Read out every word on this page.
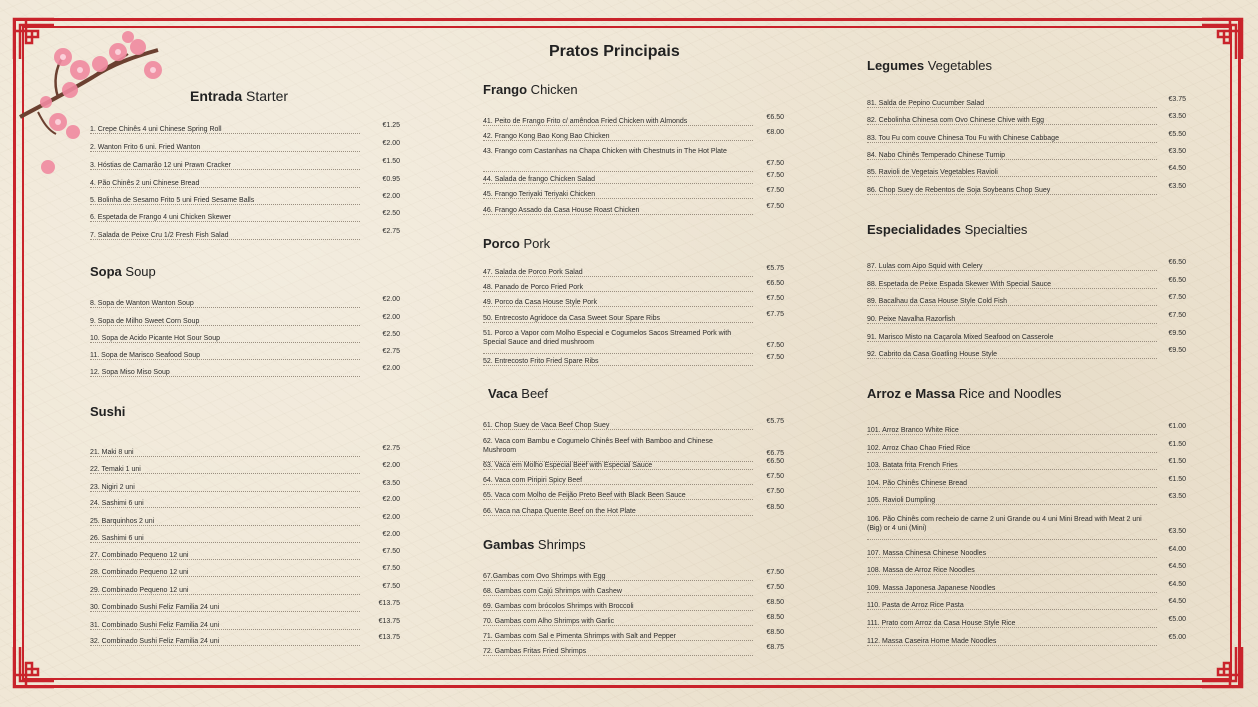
Pratos Principais
Entrada Starter
Sopa Soup
Sushi
Frango Chicken
Porco Pork
Vaca Beef
Gambas Shrimps
Legumes Vegetables
Especialidades Specialties
Arroz e Massa Rice and Noodles
1. Crepe Chinês 4 uni Chinese Spring Roll
€1.25
2. Wanton Frito 6 uni. Fried Wanton
€2.00
3. Hóstias de Camarão 12 uni Prawn Cracker
€1.50
4. Pão Chinês 2 uni Chinese Bread
€0.95
5. Bolinha de Sesamo Frito 5 uni Fried Sesame Balls
€2.00
6. Espetada de Frango 4 uni Chicken Skewer
€2.50
7. Salada de Peixe Cru 1/2 Fresh Fish Salad
€2.75
8. Sopa de Wanton Wanton Soup
€2.00
9. Sopa de Milho Sweet Corn Soup
€2.00
10. Sopa de Acido Picante Hot Sour Soup
€2.50
11. Sopa de Marisco Seafood Soup
€2.75
12. Sopa Miso Miso Soup
€2.00
21. Maki 8 uni
€2.75
22. Temaki 1 uni
€2.00
23. Nigiri 2 uni
€3.50
24. Sashimi 6 uni
€2.00
25. Barquinhos 2 uni
€2.00
26. Sashimi 6 uni
€2.00
27. Combinado Pequeno 12 uni
€7.50
28. Combinado Pequeno 12 uni
€7.50
29. Combinado Pequeno 12 uni
€7.50
30. Combinado Sushi Feliz Familia 24 uni
€13.75
31. Combinado Sushi Feliz Familia 24 uni
€13.75
32. Combinado Sushi Feliz Familia 24 uni
€13.75
41. Peito de Frango Frito c/ amêndoa Fried Chicken with Almonds
€6.50
42. Frango Kong Bao Kong Bao Chicken
€8.00
43. Frango com Castanhas na Chapa Chicken with Chestnuts in The Hot Plate
€7.50
44. Salada de frango Chicken Salad
€7.50
45. Frango Teriyaki Teriyaki Chicken
€7.50
46. Frango Assado da Casa House Roast Chicken
€7.50
47. Salada de Porco Pork Salad
€5.75
48. Panado de Porco Fried Pork
€6.50
49. Porco da Casa House Style Pork
€7.50
50. Entrecosto Agridoce da Casa Sweet Sour Spare Ribs
€7.75
51. Porco a Vapor com Molho Especial e Cogumelos Sacos Streamed Pork with Special Sauce and dried mushroom	€7.50
52. Entrecosto Frito Fried Spare Ribs
€7.50
61. Chop Suey de Vaca Beef Chop Suey
€5.75
62. Vaca com Bambu e Cogumelo Chinês Beef with Bamboo and Chinese Mushroom	€6.75
63. Vaca em Molho Especial Beef with Especial Sauce
€6.50
64. Vaca com Piripiri Spicy Beef
€7.50
65. Vaca com Molho de Feijão Preto Beef with Black Been Sauce
€7.50
66. Vaca na Chapa Quente Beef on the Hot Plate
€8.50
67.Gambas com Ovo Shrimps with Egg
€7.50
68. Gambas com Cajú Shrimps with Cashew
€7.50
69. Gambas com brócolos Shrimps with Broccoli
€8.50
70. Gambas com Alho Shrimps with Garlic
€8.50
71. Gambas com Sal e Pimenta Shrimps with Salt and Pepper
€8.50
72. Gambas Fritas Fried Shrimps
€8.75
81. Salda de Pepino Cucumber Salad
€3.75
82. Cebolinha Chinesa com Ovo Chinese Chive with Egg
€3.50
83. Tou Fu com couve Chinesa Tou Fu with Chinese Cabbage
€5.50
84. Nabo Chinês Temperado Chinese Turnip
€3.50
85. Ravioli de Vegetais Vegetables Ravioli
€4.50
86. Chop Suey de Rebentos de Soja Soybeans Chop Suey
€3.50
87. Lulas com Aipo Squid with Celery
€6.50
88. Espetada de Peixe Espada Skewer With Special Sauce
€6.50
89. Bacalhau da Casa House Style Cold Fish
€7.50
90. Peixe Navalha Razorfish
€7.50
91. Marisco Misto na Caçarola Mixed Seafood on Casserole
€9.50
92. Cabrito da Casa Goatling House Style
€9.50
101. Arroz Branco White Rice
€1.00
102. Arroz Chao Chao Fried Rice
€1.50
103. Batata frita French Fries
€1.50
104. Pão Chinês Chinese Bread
€1.50
105. Ravioli Dumpling
€3.50
106. Pão Chinês com recheio de carne 2 uni Grande ou 4 uni Mini Bread with Meat 2 uni (Big) or 4 uni (Mini)	€3.50
107. Massa Chinesa Chinese Noodles
€4.00
108. Massa de Arroz Rice Noodles
€4.50
109. Massa Japonesa Japanese Noodles
€4.50
110. Pasta de Arroz Rice Pasta
€4.50
111. Prato com Arroz da Casa House Style Rice
€5.00
112. Massa Caseira Home Made Noodles
€5.00
